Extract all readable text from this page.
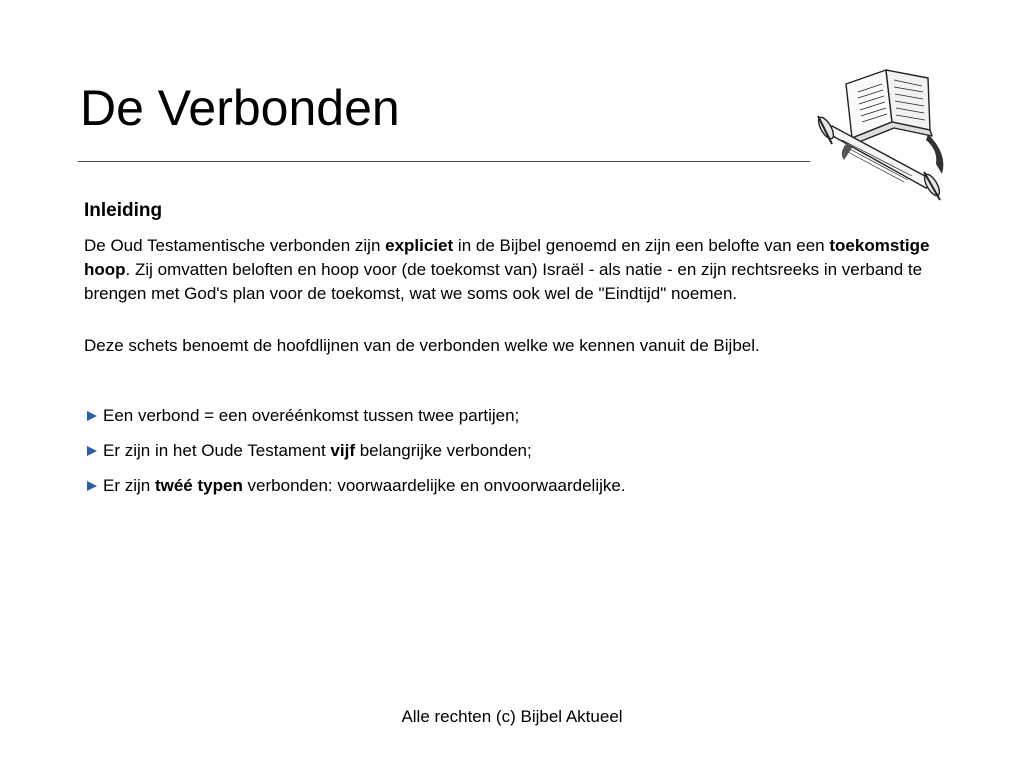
De Verbonden
Inleiding

De Oud Testamentische verbonden zijn expliciet in de Bijbel genoemd en zijn een belofte van een toekomstige hoop. Zij omvatten beloften en hoop voor (de toekomst van) Israël - als natie - en zijn rechtsreeks in verband te brengen met God's plan voor de toekomst, wat we soms ook wel de "Eindtijd" noemen.

Deze schets benoemt de hoofdlijnen van de verbonden welke we kennen vanuit de Bijbel.

Een verbond = een overéénkomst tussen twee partijen;
Er zijn in het Oude Testament vijf belangrijke verbonden;
Er zijn twéé typen verbonden: voorwaardelijke en onvoorwaardelijke.
Alle rechten (c) Bijbel Aktueel
